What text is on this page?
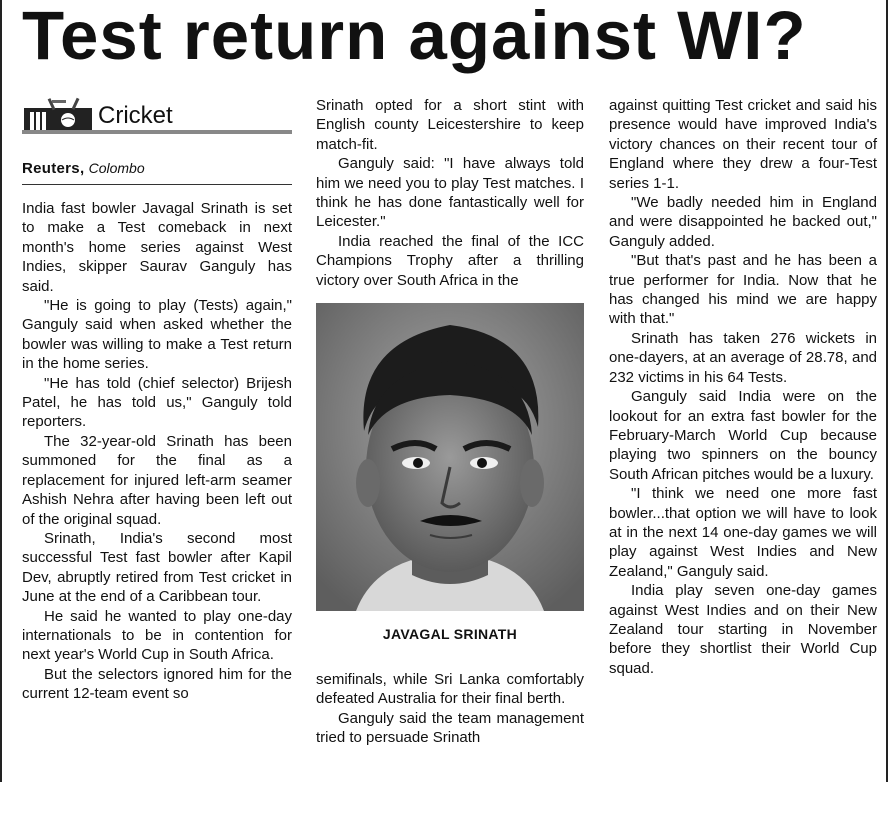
Test return against WI?
Cricket
Reuters, Colombo

India fast bowler Javagal Srinath is set to make a Test comeback in next month's home series against West Indies, skipper Saurav Ganguly has said.

"He is going to play (Tests) again," Ganguly said when asked whether the bowler was willing to make a Test return in the home series.

"He has told (chief selector) Brijesh Patel, he has told us," Ganguly told reporters.

The 32-year-old Srinath has been summoned for the final as a replacement for injured left-arm seamer Ashish Nehra after having been left out of the original squad.

Srinath, India's second most successful Test fast bowler after Kapil Dev, abruptly retired from Test cricket in June at the end of a Caribbean tour.

He said he wanted to play one-day internationals to be in contention for next year's World Cup in South Africa.

But the selectors ignored him for the current 12-team event so

Srinath opted for a short stint with English county Leicestershire to keep match-fit.

Ganguly said: "I have always told him we need you to play Test matches. I think he has done fantastically well for Leicester."

India reached the final of the ICC Champions Trophy after a thrilling victory over South Africa in the

JAVAGAL SRINATH

semifinals, while Sri Lanka comfortably defeated Australia for their final berth.

Ganguly said the team management tried to persuade Srinath

against quitting Test cricket and said his presence would have improved India's victory chances on their recent tour of England where they drew a four-Test series 1-1.

"We badly needed him in England and were disappointed he backed out," Ganguly added.

"But that's past and he has been a true performer for India. Now that he has changed his mind we are happy with that."

Srinath has taken 276 wickets in one-dayers, at an average of 28.78, and 232 victims in his 64 Tests.

Ganguly said India were on the lookout for an extra fast bowler for the February-March World Cup because playing two spinners on the bouncy South African pitches would be a luxury.

"I think we need one more fast bowler...that option we will have to look at in the next 14 one-day games we will play against West Indies and New Zealand," Ganguly said.

India play seven one-day games against West Indies and on their New Zealand tour starting in November before they shortlist their World Cup squad.
